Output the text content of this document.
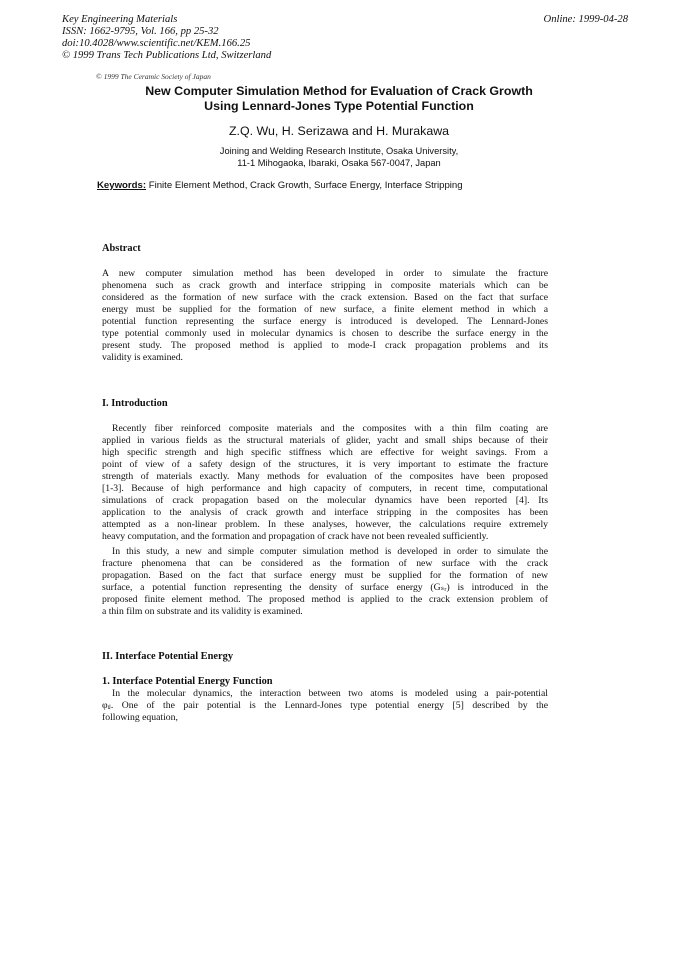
Key Engineering Materials
ISSN: 1662-9795, Vol. 166, pp 25-32
doi:10.4028/www.scientific.net/KEM.166.25
© 1999 Trans Tech Publications Ltd, Switzerland
Online: 1999-04-28
© 1999 The Ceramic Society of Japan
New Computer Simulation Method for Evaluation of Crack Growth
Using Lennard-Jones Type Potential Function
Z.Q. Wu, H. Serizawa and H. Murakawa
Joining and Welding Research Institute, Osaka University,
11-1 Mihogaoka, Ibaraki, Osaka 567-0047, Japan
Keywords: Finite Element Method, Crack Growth, Surface Energy, Interface Stripping
Abstract
A new computer simulation method has been developed in order to simulate the fracture
phenomena such as crack growth and interface stripping in composite materials which can be
considered as the formation of new surface with the crack extension. Based on the fact that surface
energy must be supplied for the formation of new surface, a finite element method in which a
potential function representing the surface energy is introduced is developed. The Lennard-Jones
type potential commonly used in molecular dynamics is chosen to describe the surface energy in the
present study. The proposed method is applied to mode-I crack propagation problems and its
validity is examined.
I. Introduction
Recently fiber reinforced composite materials and the composites with a thin film coating are
applied in various fields as the structural materials of glider, yacht and small ships because of their
high specific strength and high specific stiffness which are effective for weight savings. From a
point of view of a safety design of the structures, it is very important to estimate the fracture
strength of materials exactly. Many methods for evaluation of the composites have been proposed
[1-3]. Because of high performance and high capacity of computers, in recent time, computational
simulations of crack propagation based on the molecular dynamics have been reported [4]. Its
application to the analysis of crack growth and interface stripping in the composites has been
attempted as a non-linear problem. In these analyses, however, the calculations require extremely
heavy computation, and the formation and propagation of crack have not been revealed sufficiently.
In this study, a new and simple computer simulation method is developed in order to simulate the
fracture phenomena that can be considered as the formation of new surface with the crack
propagation. Based on the fact that surface energy must be supplied for the formation of new
surface, a potential function representing the density of surface energy (Gₛᵣ) is introduced in the
proposed finite element method. The proposed method is applied to the crack extension problem of
a thin film on substrate and its validity is examined.
II. Interface Potential Energy
1. Interface Potential Energy Function
In the molecular dynamics, the interaction between two atoms is modeled using a pair-potential
φᵢⱼ. One of the pair potential is the Lennard-Jones type potential energy [5] described by the
following equation,
